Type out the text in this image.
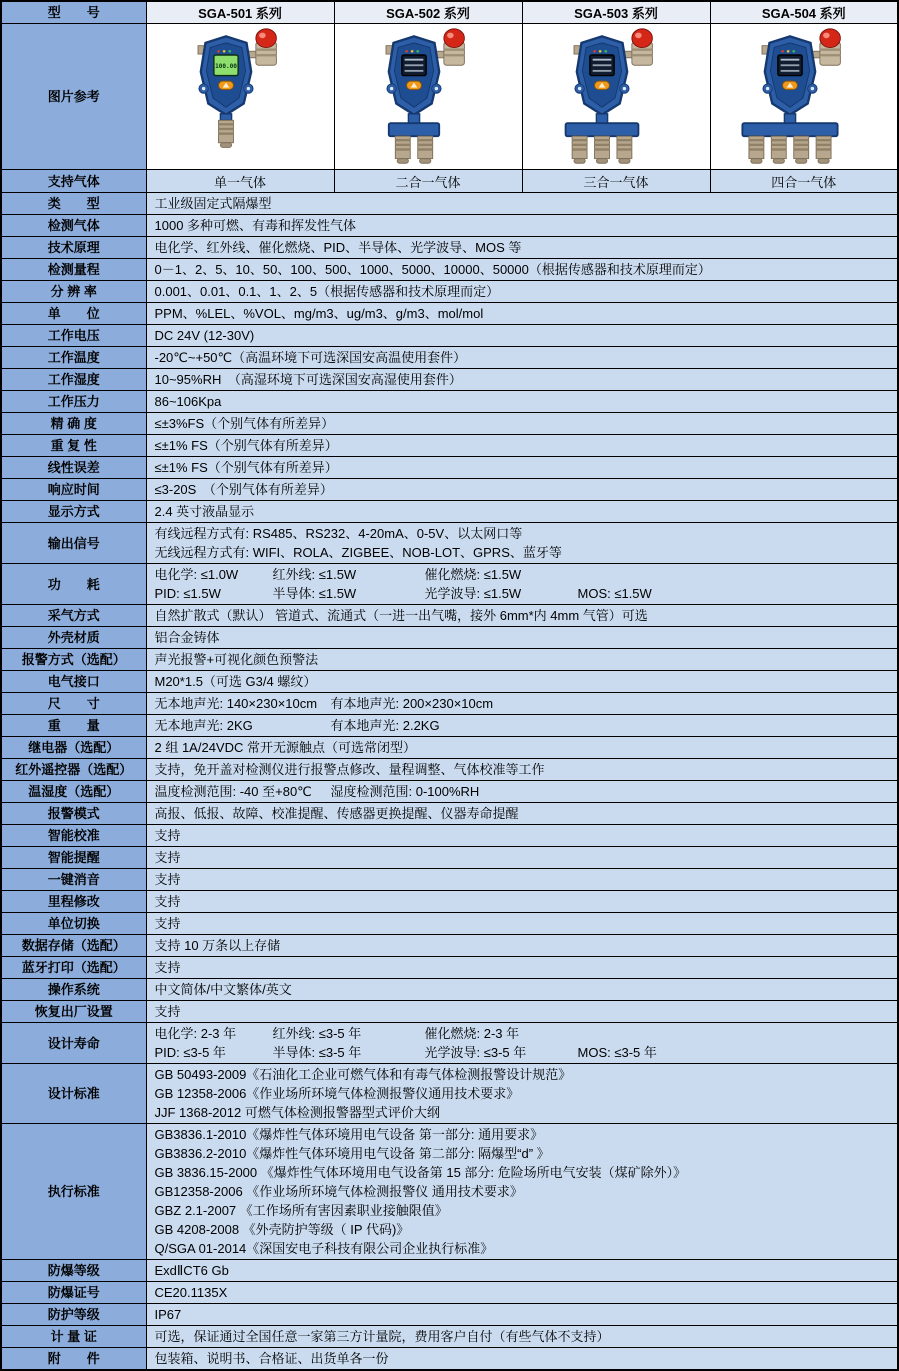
型　　号	SGA-501 系列	SGA-502 系列	SGA-503 系列	SGA-504 系列
图片参考	100.00

支持气体	单一气体	二合一气体	三合一气体	四合一气体
类　　型	工业级固定式隔爆型			
检测气体	1000 多种可燃、有毒和挥发性气体			
技术原理	电化学、红外线、催化燃烧、PID、半导体、光学波导、MOS 等			
检测量程	0－1、2、5、10、50、100、500、1000、5000、10000、50000（根据传感器和技术原理而定）			
分 辨 率	0.001、0.01、0.1、1、2、5（根据传感器和技术原理而定）			
单　　位	PPM、%LEL、%VOL、mg/m3、ug/m3、g/m3、mol/mol			
工作电压	DC 24V (12-30V)			
工作温度	-20℃~+50℃（高温环境下可选深国安高温使用套件）			
工作湿度	10~95%RH　（高湿环境下可选深国安高湿使用套件）			
工作压力	86~106Kpa			
精 确 度	≤±3%FS（个别气体有所差异）			
重 复 性	≤±1% FS（个别气体有所差异）			
线性误差	≤±1% FS（个别气体有所差异）			
响应时间	≤3-20S　（个别气体有所差异）			
显示方式	2.4 英寸液晶显示			
输出信号	有线远程方式有: RS485、RS232、4-20mA、0-5V、以太网口等
无线远程方式有: WIFI、ROLA、ZIGBEE、NOB-LOT、GPRS、蓝牙等			

功　　耗	
电化学: ≤1.0W	红外线: ≤1.5W	催化燃烧: ≤1.5W
PID: ≤1.5W	半导体: ≤1.5W	光学波导: ≤1.5W	MOS: ≤1.5W

采气方式	自然扩散式（默认） 管道式、流通式（一进一出气嘴，接外 6mm*内 4mm 气管）可选			
外壳材质	铝合金铸体			
报警方式（选配）	声光报警+可视化颜色预警法			
电气接口	M20*1.5（可选 G3/4 螺纹）			
尺　　寸	无本地声光: 140×230×10cm 有本地声光: 200×230×10cm			

重　　量	无本地声光: 2KG 有本地声光: 2.2KG			

继电器（选配）	2 组 1A/24VDC 常开无源触点（可选常闭型）			
红外遥控器（选配）	支持，免开盖对检测仪进行报警点修改、量程调整、气体校准等工作			
温湿度（选配）	温度检测范围: -40 至+80℃ 湿度检测范围: 0-100%RH			

报警模式	高报、低报、故障、校准提醒、传感器更换提醒、仪器寿命提醒			
智能校准	支持			
智能提醒	支持			
一键消音	支持			
里程修改	支持			
单位切换	支持			
数据存储（选配）	支持 10 万条以上存储			
蓝牙打印（选配）	支持			
操作系统	中文简体/中文繁体/英文			
恢复出厂设置	支持			
设计寿命	
电化学: 2-3 年	红外线: ≤3-5 年	催化燃烧: 2-3 年
PID: ≤3-5 年	半导体: ≤3-5 年	光学波导: ≤3-5 年	MOS: ≤3-5 年

设计标准	GB 50493-2009《石油化工企业可燃气体和有毒气体检测报警设计规范》
GB 12358-2006《作业场所环境气体检测报警仪通用技术要求》
JJF 1368-2012 可燃气体检测报警器型式评价大纲			

执行标准	
GB3836.1-2010《爆炸性气体环境用电气设备 第一部分: 通用要求》
GB3836.2-2010《爆炸性气体环境用电气设备 第二部分: 隔爆型“d” 》
GB 3836.15-2000 《爆炸性气体环境用电气设备第 15 部分: 危险场所电气安装（煤矿除外）》
GB12358-2006 《作业场所环境气体检测报警仪 通用技术要求》
GBZ 2.1-2007 《工作场所有害因素职业接触限值》
GB 4208-2008 《外壳防护等级（ IP 代码)》
Q/SGA 01-2014《深国安电子科技有限公司企业执行标准》

防爆等级	ExdⅡCT6 Gb			
防爆证号	CE20.1135X			
防护等级	IP67			
计 量 证	可选，保证通过全国任意一家第三方计量院，费用客户自付（有些气体不支持）			
附　　件	包装箱、说明书、合格证、出货单各一份			
